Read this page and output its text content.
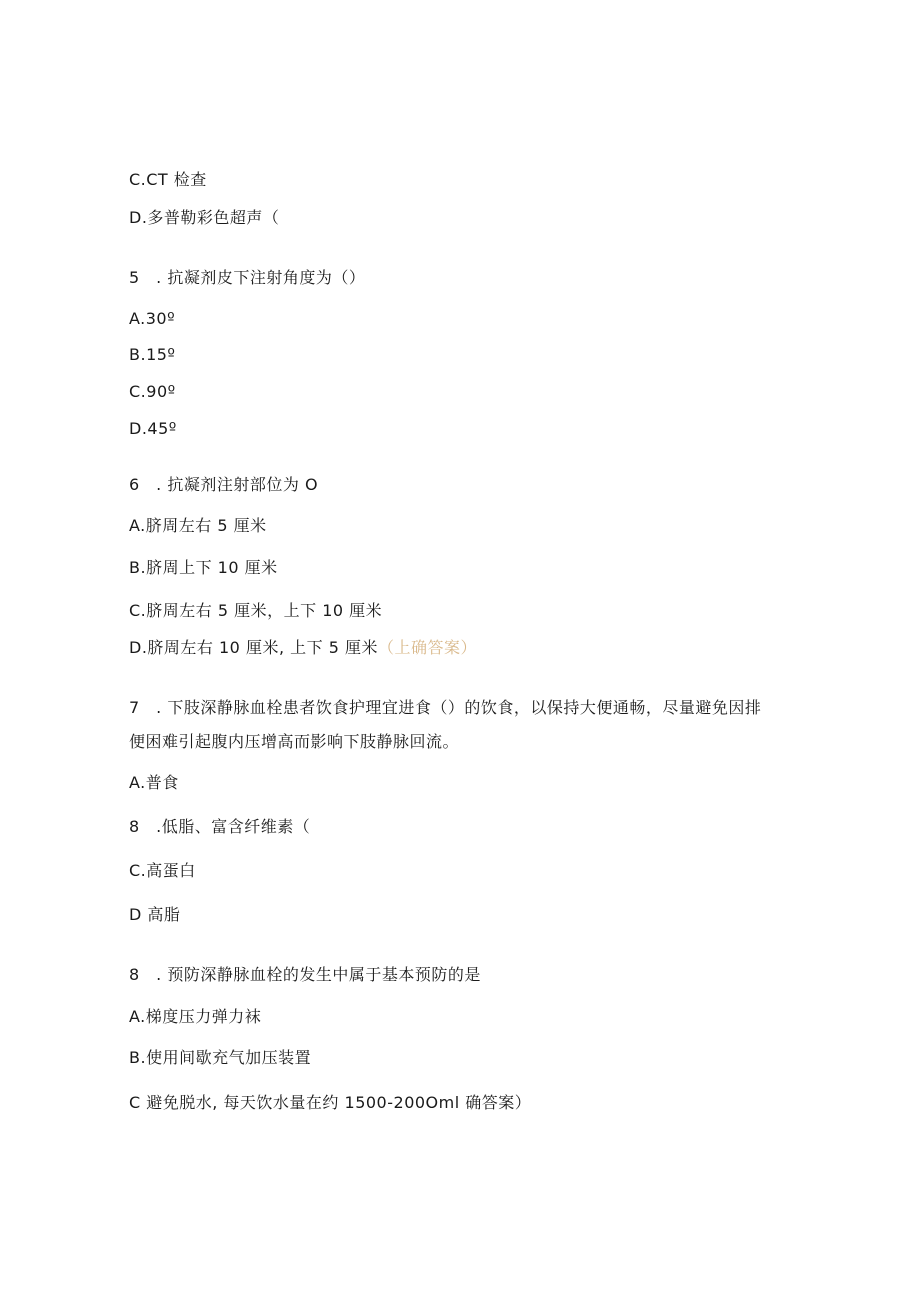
C.CT 检查
D.多普勒彩色超声（
5　. 抗凝剂皮下注射角度为（）
A.30º
B.15º
C.90º
D.45º
6　. 抗凝剂注射部位为 O
A.脐周左右 5 厘米
B.脐周上下 10 厘米
C.脐周左右 5 厘米，上下 10 厘米
D.脐周左右 10 厘米, 上下 5 厘米（上确答案）
7　. 下肢深静脉血栓患者饮食护理宜进食（）的饮食，以保持大便通畅，尽量避免因排
便困难引起腹内压增高而影响下肢静脉回流。
A.普食
8　.低脂、富含纤维素（
C.高蛋白
D 高脂
8　. 预防深静脉血栓的发生中属于基本预防的是
A.梯度压力弹力袜
B.使用间歇充气加压装置
C 避免脱水, 每天饮水量在约 1500-200Oml 确答案）
